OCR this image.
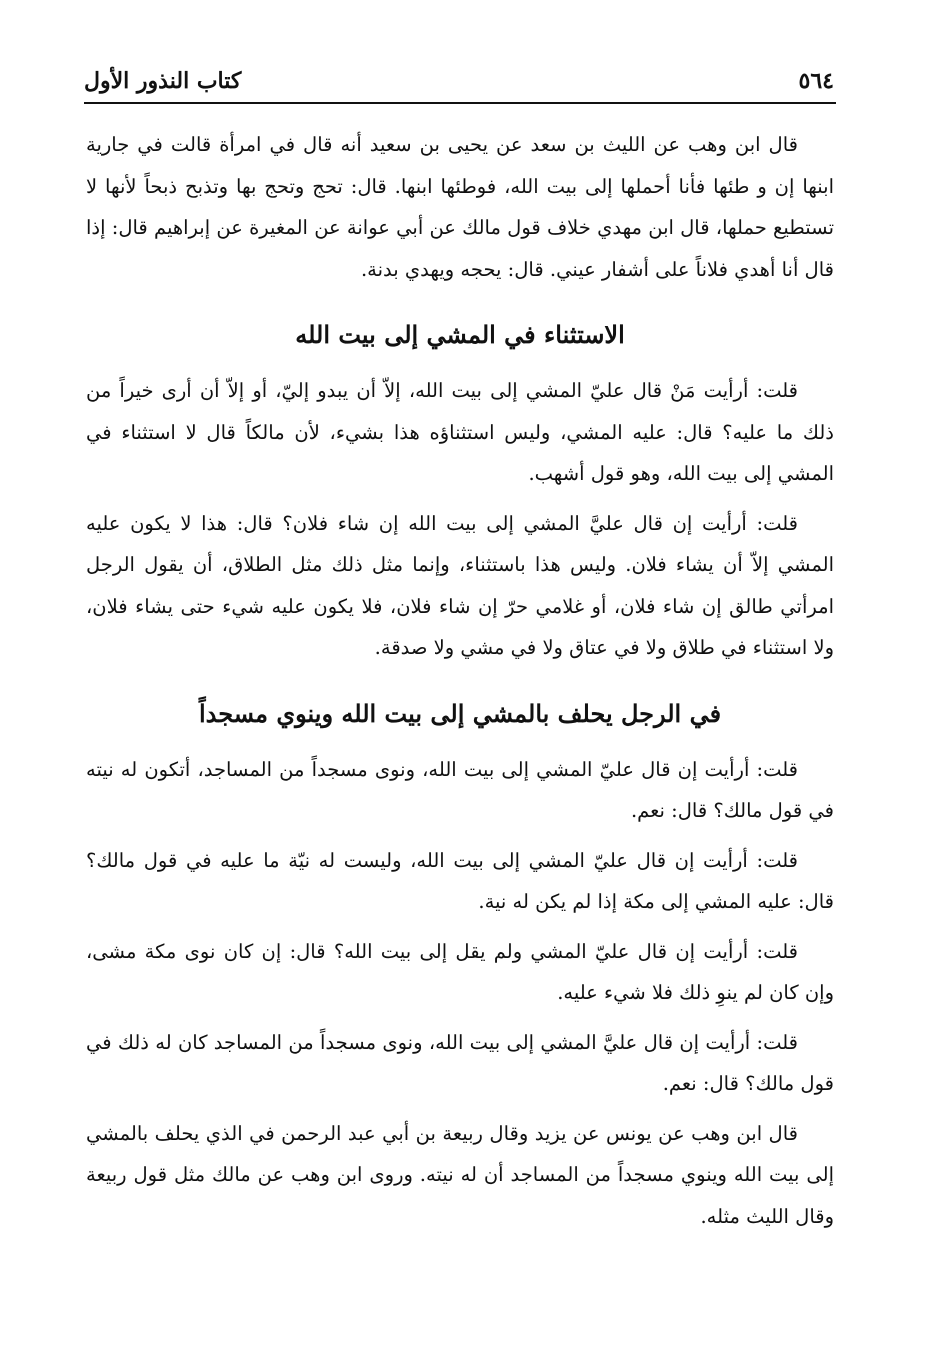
٥٦٤
كتاب النذور الأول

قال ابن وهب عن الليث بن سعد عن يحيى بن سعيد أنه قال في امرأة قالت في جارية ابنها إن و طئها فأنا أحملها إلى بيت الله، فوطئها ابنها. قال: تحج وتحج بها وتذبح ذبحاً لأنها لا تستطيع حملها، قال ابن مهدي خلاف قول مالك عن أبي عوانة عن المغيرة عن إبراهيم قال: إذا قال أنا أهدي فلاناً على أشفار عيني. قال: يحجه ويهدي بدنة.

الاستثناء في المشي إلى بيت الله

قلت: أرأيت مَنْ قال عليّ المشي إلى بيت الله، إلاّ أن يبدو إليّ، أو إلاّ أن أرى خيراً من ذلك ما عليه؟ قال: عليه المشي، وليس استثناؤه هذا بشيء، لأن مالكاً قال لا استثناء في المشي إلى بيت الله، وهو قول أشهب.

قلت: أرأيت إن قال عليَّ المشي إلى بيت الله إن شاء فلان؟ قال: هذا لا يكون عليه المشي إلاّ أن يشاء فلان. وليس هذا باستثناء، وإنما مثل ذلك مثل الطلاق، أن يقول الرجل امرأتي طالق إن شاء فلان، أو غلامي حرّ إن شاء فلان، فلا يكون عليه شيء حتى يشاء فلان، ولا استثناء في طلاق ولا في عتاق ولا في مشي ولا صدقة.

في الرجل يحلف بالمشي إلى بيت الله وينوي مسجداً

قلت: أرأيت إن قال عليّ المشي إلى بيت الله، ونوى مسجداً من المساجد، أتكون له نيته في قول مالك؟ قال: نعم.

قلت: أرأيت إن قال عليّ المشي إلى بيت الله، وليست له نيّة ما عليه في قول مالك؟ قال: عليه المشي إلى مكة إذا لم يكن له نية.

قلت: أرأيت إن قال عليّ المشي ولم يقل إلى بيت الله؟ قال: إن كان نوى مكة مشى، وإن كان لم ينوِ ذلك فلا شيء عليه.

قلت: أرأيت إن قال عليَّ المشي إلى بيت الله، ونوى مسجداً من المساجد كان له ذلك في قول مالك؟ قال: نعم.

قال ابن وهب عن يونس عن يزيد وقال ربيعة بن أبي عبد الرحمن في الذي يحلف بالمشي إلى بيت الله وينوي مسجداً من المساجد أن له نيته. وروى ابن وهب عن مالك مثل قول ربيعة وقال الليث مثله.
